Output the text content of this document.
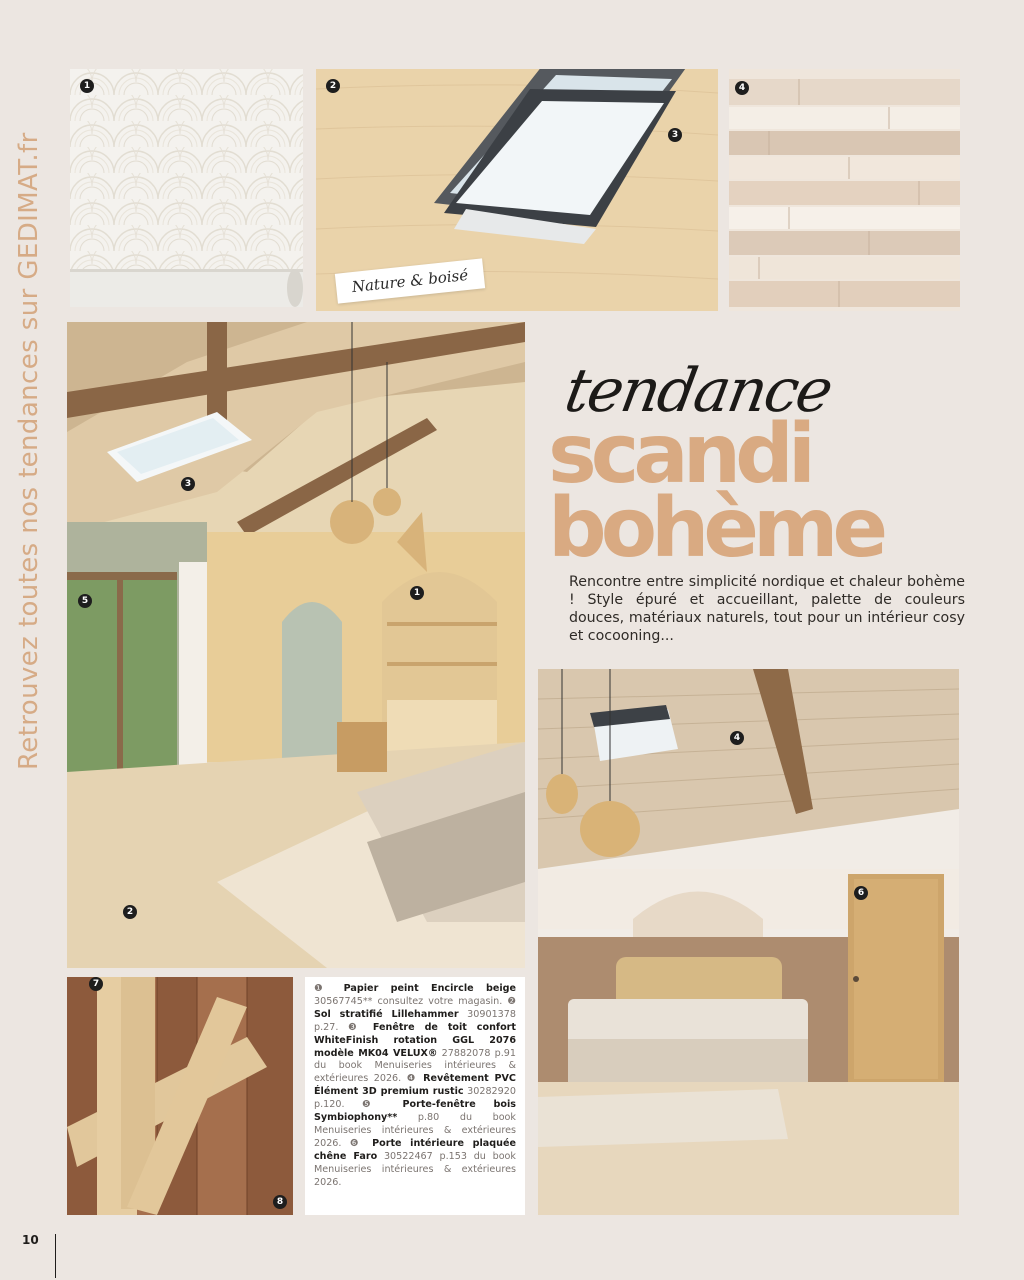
Retrouvez toutes nos tendances sur GEDIMAT.fr
1	2
3
Nature & boisé
4
tendance
scandi
bohème
Rencontre entre simplicité nordique et chaleur bohème ! Style épuré et accueillant, palette de couleurs douces, matériaux naturels, tout pour un intérieur cosy et cocooning...
3
1
5
2
4
6
7
8
❶ Papier peint Encircle beige 30567745** consultez votre magasin. ❷ Sol stratifié Lillehammer 30901378 p.27. ❸ Fenêtre de toit confort WhiteFinish rotation GGL 2076 modèle MK04 VELUX® 27882078 p.91 du book Menuiseries intérieures & extérieures 2026. ❹ Revêtement PVC Élément 3D premium rustic 30282920 p.120. ❺ Porte-fenêtre bois Symbiophony** p.80 du book Menuiseries intérieures & extérieures 2026. ❻ Porte intérieure plaquée chêne Faro 30522467 p.153 du book Menuiseries intérieures & extérieures 2026.
10
